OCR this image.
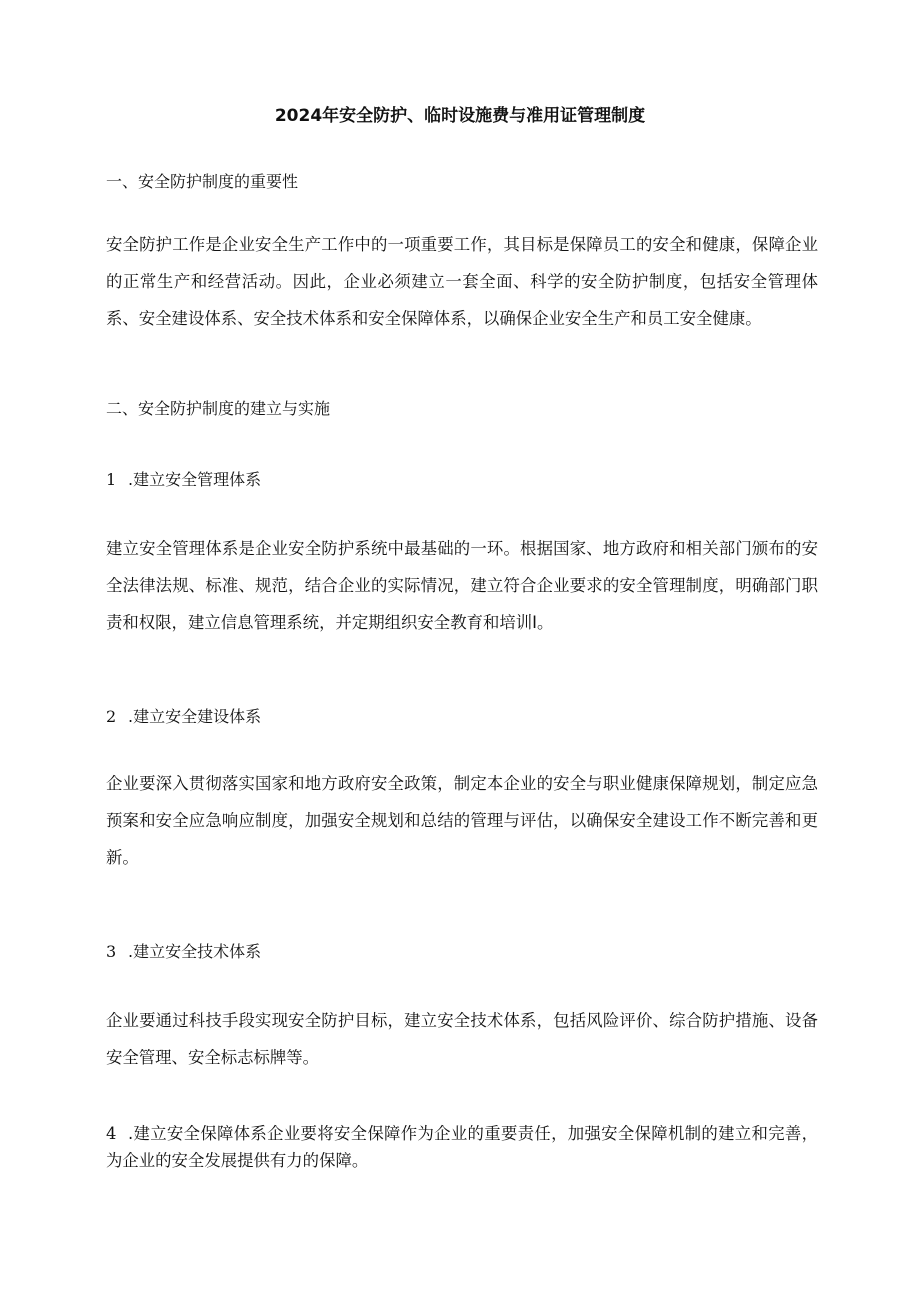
2024年安全防护、临时设施费与准用证管理制度
一、安全防护制度的重要性
安全防护工作是企业安全生产工作中的一项重要工作，其目标是保障员工的安全和健康，保障企业的正常生产和经营活动。因此，企业必须建立一套全面、科学的安全防护制度，包括安全管理体系、安全建设体系、安全技术体系和安全保障体系，以确保企业安全生产和员工安全健康。
二、安全防护制度的建立与实施
1 .建立安全管理体系
建立安全管理体系是企业安全防护系统中最基础的一环。根据国家、地方政府和相关部门颁布的安全法律法规、标准、规范，结合企业的实际情况，建立符合企业要求的安全管理制度，明确部门职责和权限，建立信息管理系统，并定期组织安全教育和培训I。
2 .建立安全建设体系
企业要深入贯彻落实国家和地方政府安全政策，制定本企业的安全与职业健康保障规划，制定应急预案和安全应急响应制度，加强安全规划和总结的管理与评估，以确保安全建设工作不断完善和更新。
3 .建立安全技术体系
企业要通过科技手段实现安全防护目标，建立安全技术体系，包括风险评价、综合防护措施、设备安全管理、安全标志标牌等。
4 .建立安全保障体系企业要将安全保障作为企业的重要责任，加强安全保障机制的建立和完善，为企业的安全发展提供有力的保障。
